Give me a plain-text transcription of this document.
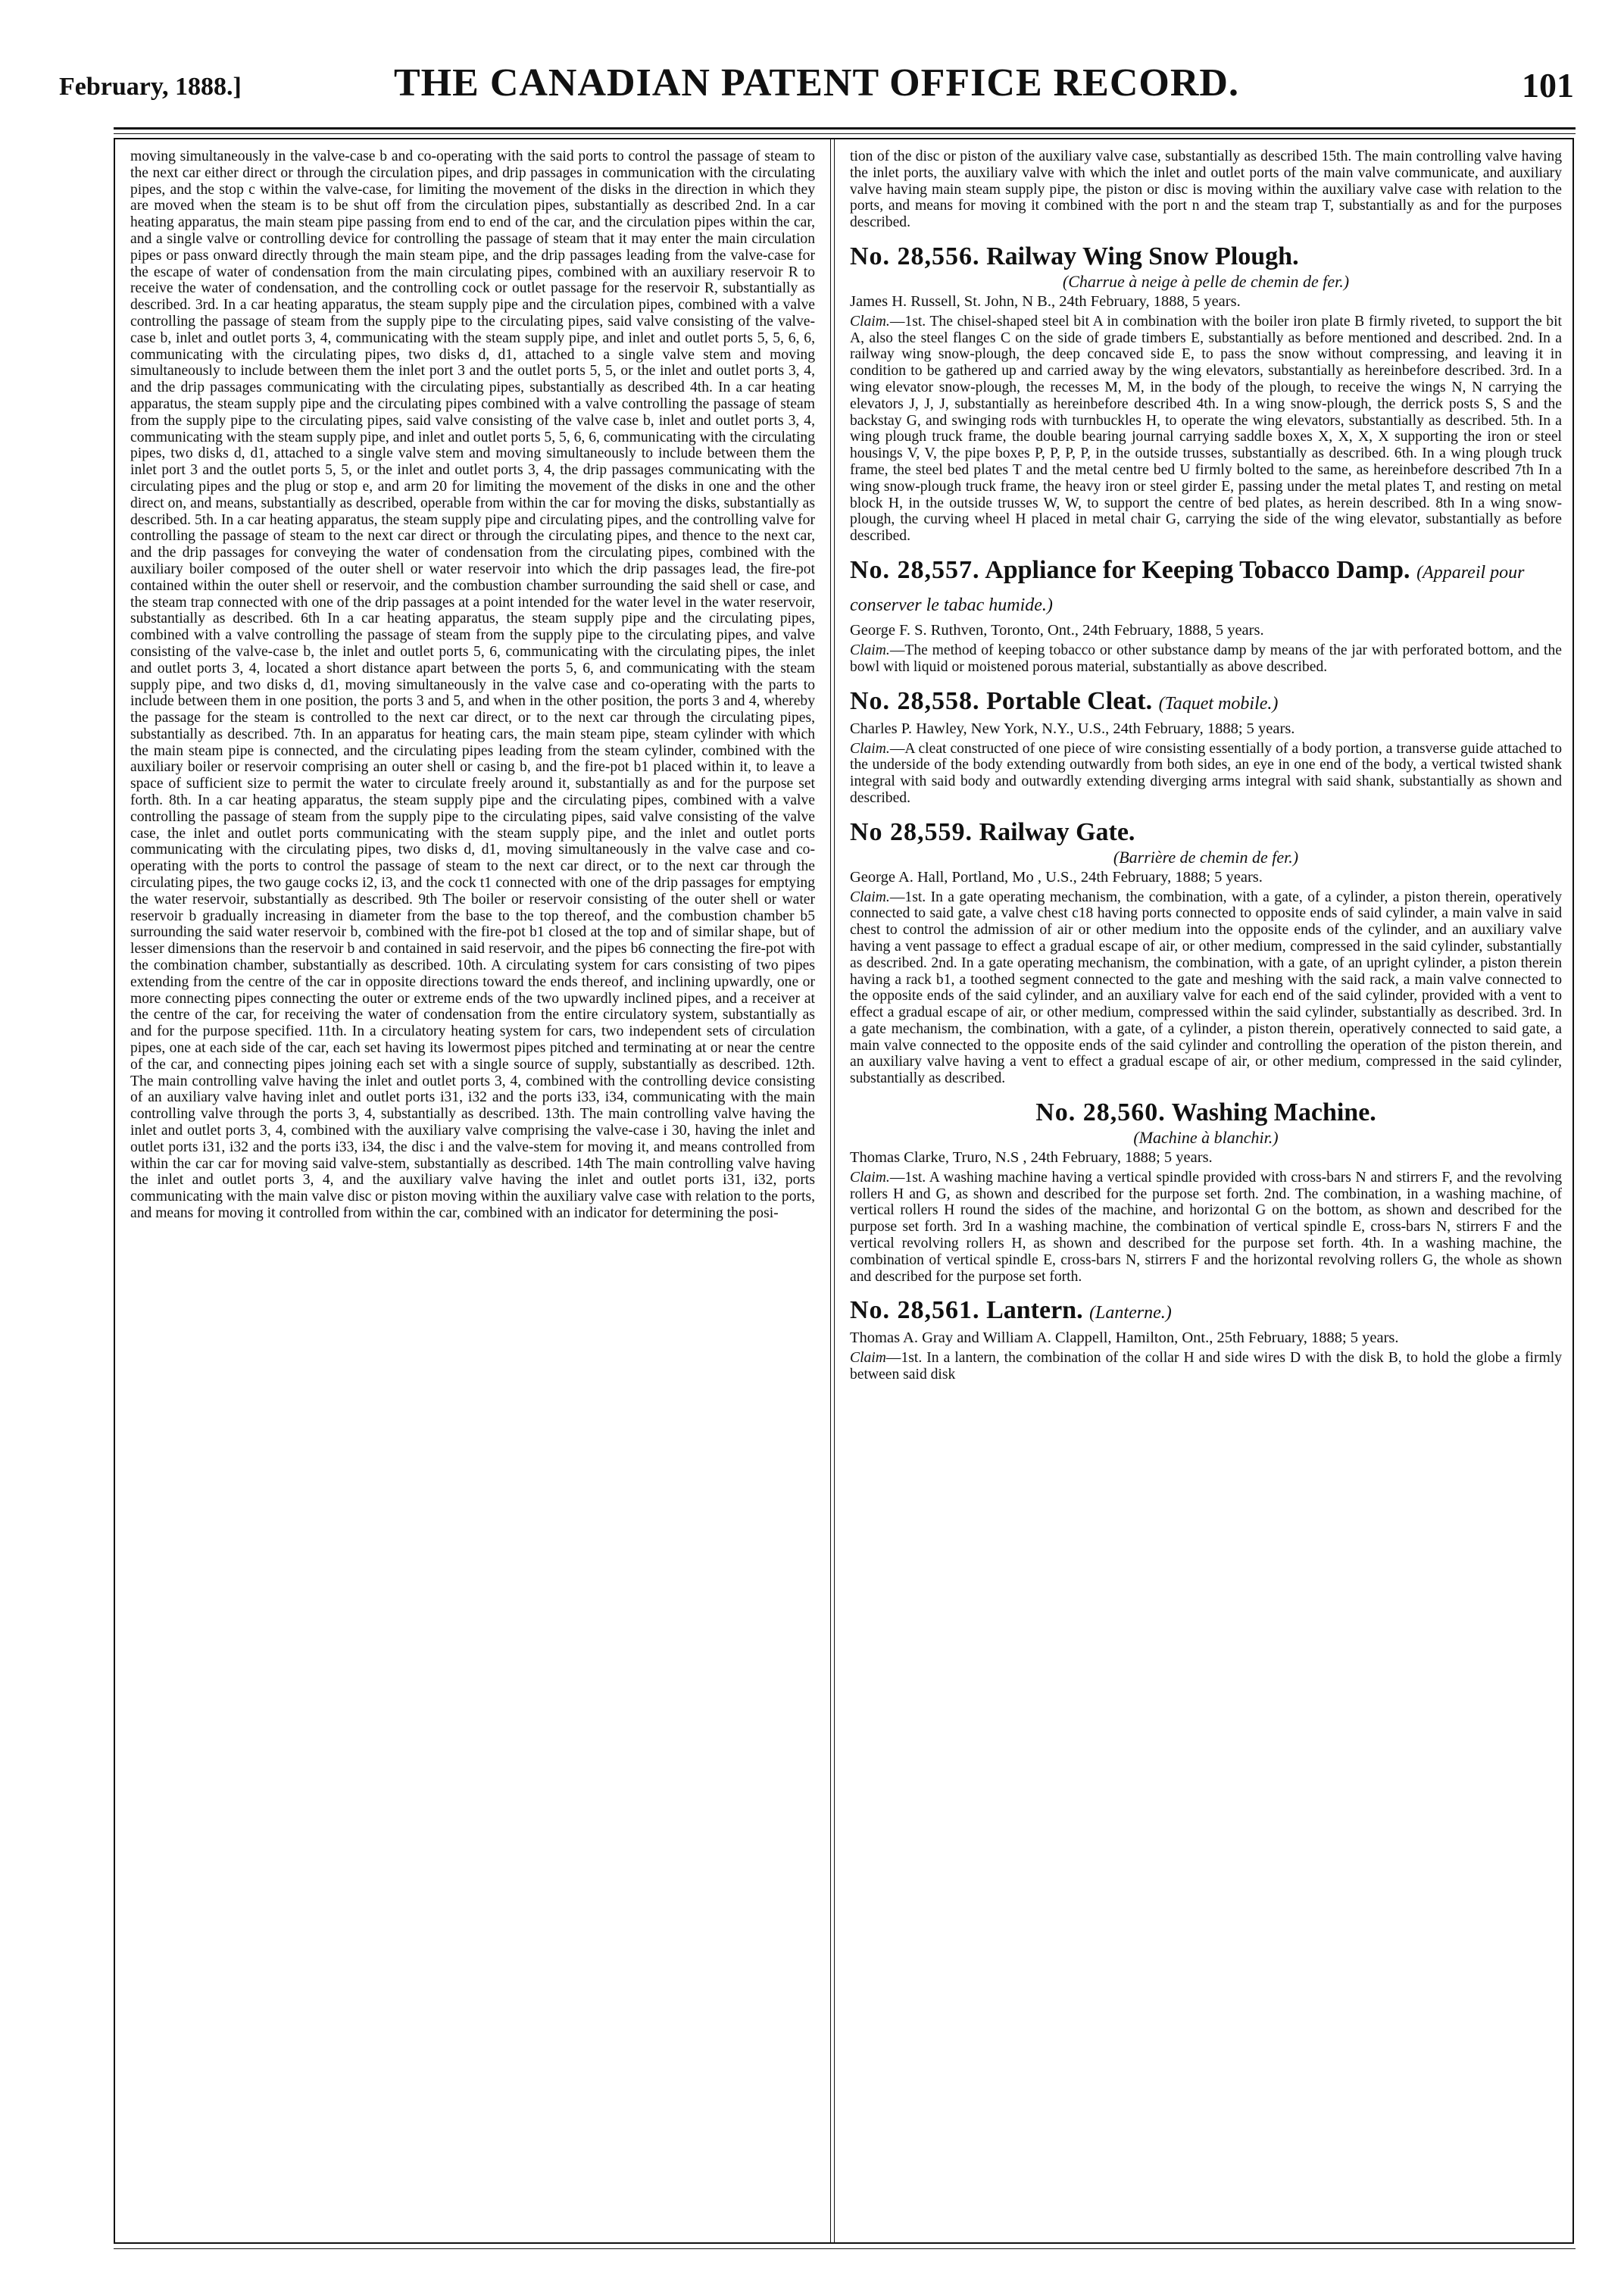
February, 1888.]	THE CANADIAN PATENT OFFICE RECORD.	101

moving simultaneously in the valve-case b and co-operating with the said ports to control the passage of steam to the next car either direct or through the circulation pipes, and drip passages in communication with the circulating pipes, and the stop c within the valve-case, for limiting the movement of the disks in the direction in which they are moved when the steam is to be shut off from the circulation pipes, substantially as described 2nd. In a car heating apparatus, the main steam pipe passing from end to end of the car, and the circulation pipes within the car, and a single valve or controlling device for controlling the passage of steam that it may enter the main circulation pipes or pass onward directly through the main steam pipe, and the drip passages leading from the valve-case for the escape of water of condensation from the main circulating pipes, combined with an auxiliary reservoir R to receive the water of condensation, and the controlling cock or outlet passage for the reservoir R, substantially as described. 3rd. In a car heating apparatus, the steam supply pipe and the circulation pipes, combined with a valve controlling the passage of steam from the supply pipe to the circulating pipes, said valve consisting of the valve-case b, inlet and outlet ports 3, 4, communicating with the steam supply pipe, and inlet and outlet ports 5, 5, 6, 6, communicating with the circulating pipes, two disks d, d1, attached to a single valve stem and moving simultaneously to include between them the inlet port 3 and the outlet ports 5, 5, or the inlet and outlet ports 3, 4, and the drip passages communicating with the circulating pipes, substantially as described 4th. In a car heating apparatus, the steam supply pipe and the circulating pipes combined with a valve controlling the passage of steam from the supply pipe to the circulating pipes, said valve consisting of the valve case b, inlet and outlet ports 3, 4, communicating with the steam supply pipe, and inlet and outlet ports 5, 5, 6, 6, communicating with the circulating pipes, two disks d, d1, attached to a single valve stem and moving simultaneously to include between them the inlet port 3 and the outlet ports 5, 5, or the inlet and outlet ports 3, 4, the drip passages communicating with the circulating pipes and the plug or stop e, and arm 20 for limiting the movement of the disks in one and the other direct on, and means, substantially as described, operable from within the car for moving the disks, substantially as described. 5th. In a car heating apparatus, the steam supply pipe and circulating pipes, and the controlling valve for controlling the passage of steam to the next car direct or through the circulating pipes, and thence to the next car, and the drip passages for conveying the water of condensation from the circulating pipes, combined with the auxiliary boiler composed of the outer shell or water reservoir into which the drip passages lead, the fire-pot contained within the outer shell or reservoir, and the combustion chamber surrounding the said shell or case, and the steam trap connected with one of the drip passages at a point intended for the water level in the water reservoir, substantially as described. 6th In a car heating apparatus, the steam supply pipe and the circulating pipes, combined with a valve controlling the passage of steam from the supply pipe to the circulating pipes, and valve consisting of the valve-case b, the inlet and outlet ports 5, 6, communicating with the circulating pipes, the inlet and outlet ports 3, 4, located a short distance apart between the ports 5, 6, and communicating with the steam supply pipe, and two disks d, d1, moving simultaneously in the valve case and co-operating with the parts to include between them in one position, the ports 3 and 5, and when in the other position, the ports 3 and 4, whereby the passage for the steam is controlled to the next car direct, or to the next car through the circulating pipes, substantially as described. 7th. In an apparatus for heating cars, the main steam pipe, steam cylinder with which the main steam pipe is connected, and the circulating pipes leading from the steam cylinder, combined with the auxiliary boiler or reservoir comprising an outer shell or casing b, and the fire-pot b1 placed within it, to leave a space of sufficient size to permit the water to circulate freely around it, substantially as and for the purpose set forth. 8th. In a car heating apparatus, the steam supply pipe and the circulating pipes, combined with a valve controlling the passage of steam from the supply pipe to the circulating pipes, said valve consisting of the valve case, the inlet and outlet ports communicating with the steam supply pipe, and the inlet and outlet ports communicating with the circulating pipes, two disks d, d1, moving simultaneously in the valve case and co-operating with the ports to control the passage of steam to the next car direct, or to the next car through the circulating pipes, the two gauge cocks i2, i3, and the cock t1 connected with one of the drip passages for emptying the water reservoir, substantially as described. 9th The boiler or reservoir consisting of the outer shell or water reservoir b gradually increasing in diameter from the base to the top thereof, and the combustion chamber b5 surrounding the said water reservoir b, combined with the fire-pot b1 closed at the top and of similar shape, but of lesser dimensions than the reservoir b and contained in said reservoir, and the pipes b6 connecting the fire-pot with the combination chamber, substantially as described. 10th. A circulating system for cars consisting of two pipes extending from the centre of the car in opposite directions toward the ends thereof, and inclining upwardly, one or more connecting pipes connecting the outer or extreme ends of the two upwardly inclined pipes, and a receiver at the centre of the car, for receiving the water of condensation from the entire circulatory system, substantially as and for the purpose specified. 11th. In a circulatory heating system for cars, two independent sets of circulation pipes, one at each side of the car, each set having its lowermost pipes pitched and terminating at or near the centre of the car, and connecting pipes joining each set with a single source of supply, substantially as described. 12th. The main controlling valve having the inlet and outlet ports 3, 4, combined with the controlling device consisting of an auxiliary valve having inlet and outlet ports i31, i32 and the ports i33, i34, communicating with the main controlling valve through the ports 3, 4, substantially as described. 13th. The main controlling valve having the inlet and outlet ports 3, 4, combined with the auxiliary valve comprising the valve-case i 30, having the inlet and outlet ports i31, i32 and the ports i33, i34, the disc i and the valve-stem for moving it, and means controlled from within the car car for moving said valve-stem, substantially as described. 14th The main controlling valve having the inlet and outlet ports 3, 4, and the auxiliary valve having the inlet and outlet ports i31, i32, ports communicating with the main valve disc or piston moving within the auxiliary valve case with relation to the ports, and means for moving it controlled from within the car, combined with an indicator for determining the posi-

tion of the disc or piston of the auxiliary valve case, substantially as described 15th. The main controlling valve having the inlet ports, the auxiliary valve with which the inlet and outlet ports of the main valve communicate, and auxiliary valve having main steam supply pipe, the piston or disc is moving within the auxiliary valve case with relation to the ports, and means for moving it combined with the port n and the steam trap T, substantially as and for the purposes described.

No. 28,556. Railway Wing Snow Plough.
(Charrue à neige à pelle de chemin de fer.)
James H. Russell, St. John, N B., 24th February, 1888, 5 years.

Claim.—1st. The chisel-shaped steel bit A in combination with the boiler iron plate B firmly riveted, to support the bit A, also the steel flanges C on the side of grade timbers E, substantially as before mentioned and described. 2nd. In a railway wing snow-plough, the deep concaved side E, to pass the snow without compressing, and leaving it in condition to be gathered up and carried away by the wing elevators, substantially as hereinbefore described. 3rd. In a wing elevator snow-plough, the recesses M, M, in the body of the plough, to receive the wings N, N carrying the elevators J, J, J, substantially as hereinbefore described 4th. In a wing snow-plough, the derrick posts S, S and the backstay G, and swinging rods with turnbuckles H, to operate the wing elevators, substantially as described. 5th. In a wing plough truck frame, the double bearing journal carrying saddle boxes X, X, X, X supporting the iron or steel housings V, V, the pipe boxes P, P, P, P, in the outside trusses, substantially as described. 6th. In a wing plough truck frame, the steel bed plates T and the metal centre bed U firmly bolted to the same, as hereinbefore described 7th In a wing snow-plough truck frame, the heavy iron or steel girder E, passing under the metal plates T, and resting on metal block H, in the outside trusses W, W, to support the centre of bed plates, as herein described. 8th In a wing snow-plough, the curving wheel H placed in metal chair G, carrying the side of the wing elevator, substantially as before described.

No. 28,557. Appliance for Keeping Tobacco Damp. (Appareil pour conserver le tabac humide.)
George F. S. Ruthven, Toronto, Ont., 24th February, 1888, 5 years.

Claim.—The method of keeping tobacco or other substance damp by means of the jar with perforated bottom, and the bowl with liquid or moistened porous material, substantially as above described.

No. 28,558. Portable Cleat. (Taquet mobile.)
Charles P. Hawley, New York, N.Y., U.S., 24th February, 1888; 5 years.

Claim.—A cleat constructed of one piece of wire consisting essentially of a body portion, a transverse guide attached to the underside of the body extending outwardly from both sides, an eye in one end of the body, a vertical twisted shank integral with said body and outwardly extending diverging arms integral with said shank, substantially as shown and described.

No 28,559. Railway Gate.
(Barrière de chemin de fer.)
George A. Hall, Portland, Mo , U.S., 24th February, 1888; 5 years.

Claim.—1st. In a gate operating mechanism, the combination, with a gate, of a cylinder, a piston therein, operatively connected to said gate, a valve chest c18 having ports connected to opposite ends of said cylinder, a main valve in said chest to control the admission of air or other medium into the opposite ends of the cylinder, and an auxiliary valve having a vent passage to effect a gradual escape of air, or other medium, compressed in the said cylinder, substantially as described. 2nd. In a gate operating mechanism, the combination, with a gate, of an upright cylinder, a piston therein having a rack b1, a toothed segment connected to the gate and meshing with the said rack, a main valve connected to the opposite ends of the said cylinder, and an auxiliary valve for each end of the said cylinder, provided with a vent to effect a gradual escape of air, or other medium, compressed within the said cylinder, substantially as described. 3rd. In a gate mechanism, the combination, with a gate, of a cylinder, a piston therein, operatively connected to said gate, a main valve connected to the opposite ends of the said cylinder and controlling the operation of the piston therein, and an auxiliary valve having a vent to effect a gradual escape of air, or other medium, compressed in the said cylinder, substantially as described.

No. 28,560. Washing Machine.
(Machine à blanchir.)
Thomas Clarke, Truro, N.S , 24th February, 1888; 5 years.

Claim.—1st. A washing machine having a vertical spindle provided with cross-bars N and stirrers F, and the revolving rollers H and G, as shown and described for the purpose set forth. 2nd. The combination, in a washing machine, of vertical rollers H round the sides of the machine, and horizontal G on the bottom, as shown and described for the purpose set forth. 3rd In a washing machine, the combination of vertical spindle E, cross-bars N, stirrers F and the vertical revolving rollers H, as shown and described for the purpose set forth. 4th. In a washing machine, the combination of vertical spindle E, cross-bars N, stirrers F and the horizontal revolving rollers G, the whole as shown and described for the purpose set forth.

No. 28,561. Lantern. (Lanterne.)
Thomas A. Gray and William A. Clappell, Hamilton, Ont., 25th February, 1888; 5 years.

Claim—1st. In a lantern, the combination of the collar H and side wires D with the disk B, to hold the globe a firmly between said disk
